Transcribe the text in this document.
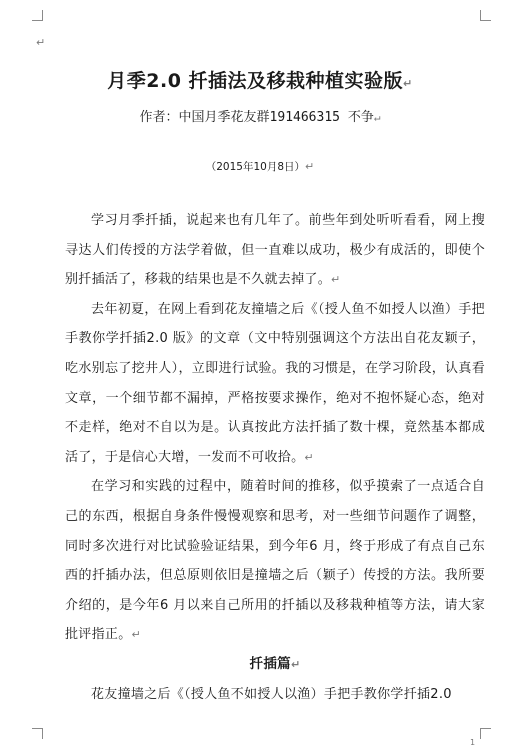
↵
月季2.0 扦插法及移栽种植实验版↵
作者：中国月季花友群191466315 不争↵
（2015年10月8日）↵

学习月季扦插，说起来也有几年了。前些年到处听听看看，网上搜寻达人们传授的方法学着做，但一直难以成功，极少有成活的，即使个别扦插活了，移栽的结果也是不久就去掉了。↵

去年初夏，在网上看到花友撞墙之后《（授人鱼不如授人以渔）手把手教你学扦插2.0 版》的文章（文中特别强调这个方法出自花友颖子，吃水别忘了挖井人），立即进行试验。我的习惯是，在学习阶段，认真看文章，一个细节都不漏掉，严格按要求操作，绝对不抱怀疑心态，绝对不走样，绝对不自以为是。认真按此方法扦插了数十棵，竟然基本都成活了，于是信心大增，一发而不可收拾。↵

在学习和实践的过程中，随着时间的推移，似乎摸索了一点适合自己的东西，根据自身条件慢慢观察和思考，对一些细节问题作了调整，同时多次进行对比试验验证结果，到今年6 月，终于形成了有点自己东西的扦插办法，但总原则依旧是撞墙之后（颖子）传授的方法。我所要介绍的，是今年6 月以来自己所用的扦插以及移栽种植等方法，请大家批评指正。↵

扦插篇↵

花友撞墙之后《（授人鱼不如授人以渔）手把手教你学扦插2.0

1
